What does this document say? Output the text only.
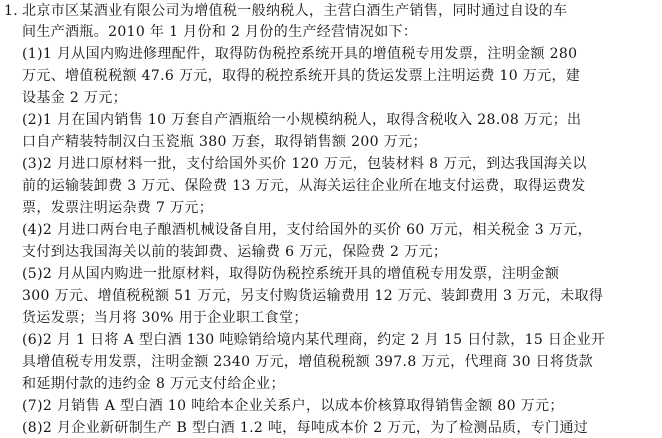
1. 北京市区某酒业有限公司为增值税一般纳税人，主营白酒生产销售，同时通过自设的车
间生产酒瓶。2010 年 1 月份和 2 月份的生产经营情况如下：
(1)1 月从国内购进修理配件，取得防伪税控系统开具的增值税专用发票，注明金额 280
万元、增值税税额 47.6 万元，取得的税控系统开具的货运发票上注明运费 10 万元，建
设基金 2 万元；
(2)1 月在国内销售 10 万套自产酒瓶给一小规模纳税人，取得含税收入 28.08 万元；出
口自产精装特制汉白玉瓷瓶 380 万套，取得销售额 200 万元；
(3)2 月进口原材料一批，支付给国外买价 120 万元，包装材料 8 万元，到达我国海关以
前的运输装卸费 3 万元、保险费 13 万元，从海关运往企业所在地支付运费，取得运费发
票，发票注明运杂费 7 万元；
(4)2 月进口两台电子酿酒机械设备自用，支付给国外的买价 60 万元，相关税金 3 万元，
支付到达我国海关以前的装卸费、运输费 6 万元，保险费 2 万元；
(5)2 月从国内购进一批原材料，取得防伪税控系统开具的增值税专用发票，注明金额
300 万元、增值税税额 51 万元，另支付购货运输费用 12 万元、装卸费用 3 万元，未取得
货运发票；当月将 30% 用于企业职工食堂；
(6)2 月 1 日将 A 型白酒 130 吨赊销给境内某代理商，约定 2 月 15 日付款，15 日企业开
具增值税专用发票，注明金额 2340 万元，增值税税额 397.8 万元，代理商 30 日将货款
和延期付款的违约金 8 万元支付给企业；
(7)2 月销售 A 型白酒 10 吨给本企业关系户，以成本价核算取得销售金额 80 万元；
(8)2 月企业新研制生产 B 型白酒 1.2 吨，每吨成本价 2 万元，为了检测品质，专门通过
